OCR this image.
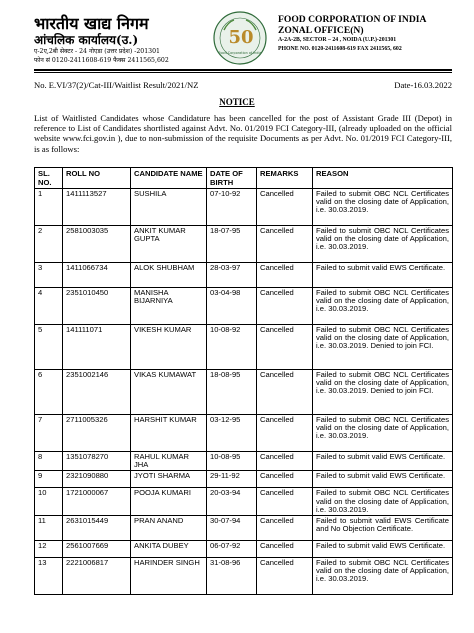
भारतीय खाद्य निगम
आंचलिक कार्यालय(उ.)
ए-2ए,2बी सेक्टर - 24 नोएडा (उत्तर प्रदेश) -201301
फोन सं 0120-2411608-619 फैक्स 2411565,602
50
Food Corporation of India
FOOD CORPORATION OF INDIA
ZONAL OFFICE(N)
A-2A-2B, SECTOR – 24 , NOIDA (U.P.)-201301
PHONE NO. 0120-2411608-619 FAX 2411565, 602
No. E.VI/37(2)/Cat-III/Waitlist Result/2021/NZ	Date-16.03.2022
NOTICE
List of Waitlisted Candidates whose Candidature has been cancelled for the post of Assistant Grade III (Depot) in reference to List of Candidates shortlisted against Advt. No. 01/2019 FCI Category-III, (already uploaded on the official website www.fci.gov.in ), due to non-submission of the requisite Documents as per Advt. No. 01/2019 FCI Category-III, is as follows:
SL. NO.	ROLL NO	CANDIDATE NAME	DATE OF BIRTH	REMARKS	REASON
1	1411113527	SUSHILA	07-10-92	Cancelled	Failed to submit OBC NCL Certificates valid on the closing date of Application, i.e. 30.03.2019.
2	2581003035	ANKIT KUMAR GUPTA	18-07-95	Cancelled	Failed to submit OBC NCL Certificates valid on the closing date of Application, i.e. 30.03.2019.
3	1411066734	ALOK SHUBHAM	28-03-97	Cancelled	Failed to submit valid EWS Certificate.
4	2351010450	MANISHA BIJARNIYA	03-04-98	Cancelled	Failed to submit OBC NCL Certificates valid on the closing date of Application, i.e. 30.03.2019.
5	141111071	VIKESH KUMAR	10-08-92	Cancelled	Failed to submit OBC NCL Certificates valid on the closing date of Application, i.e. 30.03.2019. Denied to join FCI.
6	2351002146	VIKAS KUMAWAT	18-08-95	Cancelled	Failed to submit OBC NCL Certificates valid on the closing date of Application, i.e. 30.03.2019. Denied to join FCI.
7	2711005326	HARSHIT KUMAR	03-12-95	Cancelled	Failed to submit OBC NCL Certificates valid on the closing date of Application, i.e. 30.03.2019.
8	1351078270	RAHUL KUMAR JHA	10-08-95	Cancelled	Failed to submit valid EWS Certificate.
9	2321090880	JYOTI SHARMA	29-11-92	Cancelled	Failed to submit valid EWS Certificate.
10	1721000067	POOJA KUMARI	20-03-94	Cancelled	Failed to submit OBC NCL Certificates valid on the closing date of Application, i.e. 30.03.2019.
11	2631015449	PRAN ANAND	30-07-94	Cancelled	Failed to submit valid EWS Certificate and No Objection Certificate.
12	2561007669	ANKITA DUBEY	06-07-92	Cancelled	Failed to submit valid EWS Certificate.
13	2221006817	HARINDER SINGH	31-08-96	Cancelled	Failed to submit OBC NCL Certificates valid on the closing date of Application, i.e. 30.03.2019.
